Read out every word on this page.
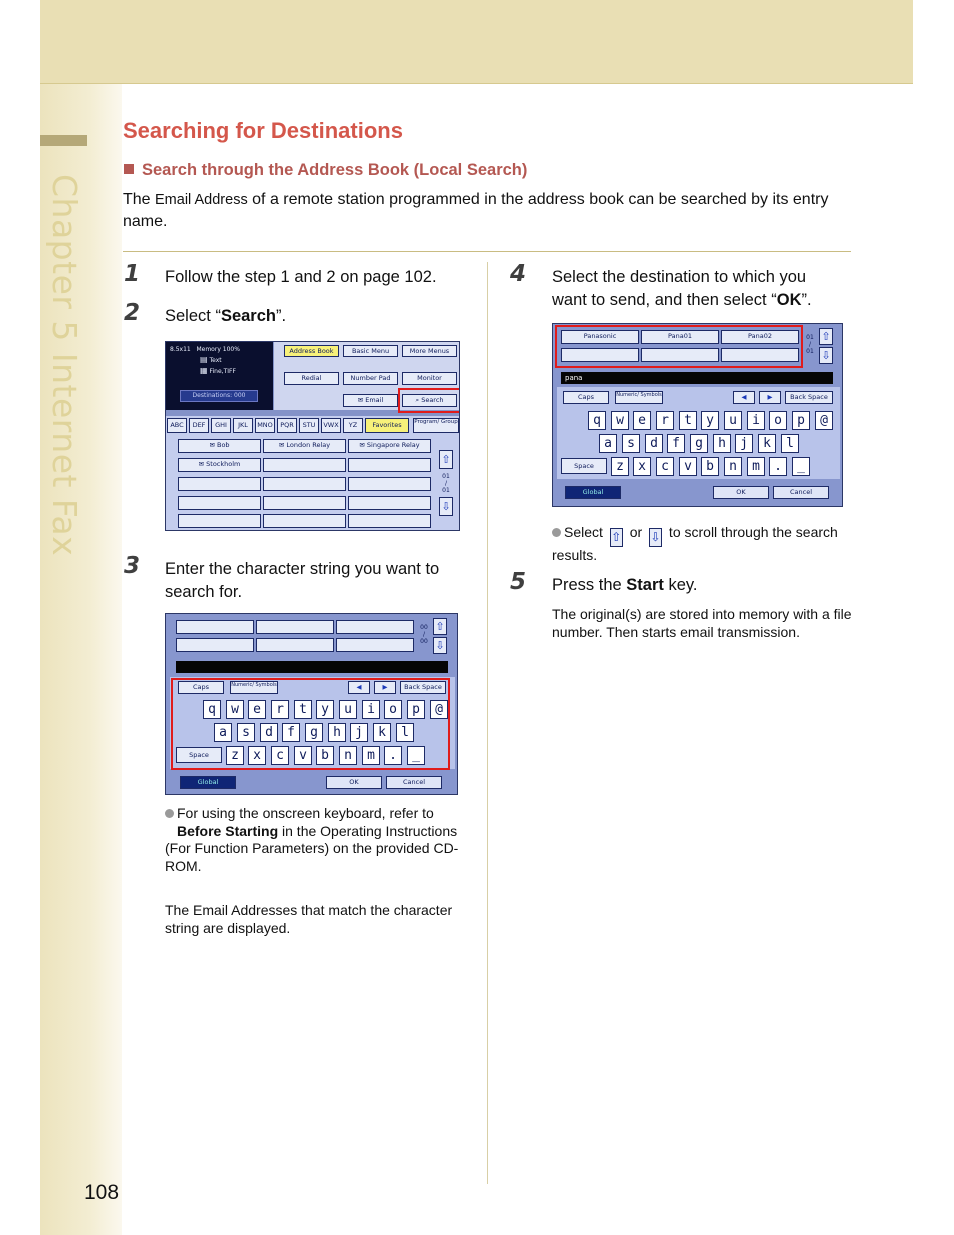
Chapter 5 Internet Fax
108
Searching for Destinations
Search through the Address Book (Local Search)
The Email Address of a remote station programmed in the address book can be searched by its entry name.
1 Follow the step 1 and 2 on page 102.
2 Select “Search”.
8.5x11 Memory 100%
▤ Text
▦ Fine,TIFF
Destinations: 000
Address Book	Basic Menu	More Menus
Redial	Number Pad	Monitor
✉ Email	⌕ Search
ABC	DEF	GHI	JKL	MNO	PQR	STU	VWX	YZ	Favorites	Program/ Group
✉ Bob	✉ London Relay	✉ Singapore Relay
✉ Stockholm	⇧
01
/
01
⇩
3 Enter the character string you want to search for.
00
/
00
⇧
⇩
Caps	Numeric/ Symbols	◀	▶	Back Space
q	w	e	r	t	y	u	i	o	p	@
a	s	d	f	g	h	j	k	l
Space	z	x	c	v	b	n	m	.	_
Global	OK	Cancel
For using the onscreen keyboard, refer to
Before Starting in the Operating Instructions (For Function Parameters) on the provided CD-ROM.
The Email Addresses that match the character string are displayed.
4 Select the destination to which you want to send, and then select “OK”.
Panasonic	Pana01	Pana02	01
/
01
⇧
⇩
pana
Caps	Numeric/ Symbols	◀	▶	Back Space
q	w	e	r	t	y	u	i	o	p	@
a	s	d	f	g	h	j	k	l
Space	z	x	c	v	b	n	m	.	_
Global	OK	Cancel
Select ⇧ or ⇩ to scroll through the search results.
5 Press the Start key.
The original(s) are stored into memory with a file number. Then starts email transmission.
